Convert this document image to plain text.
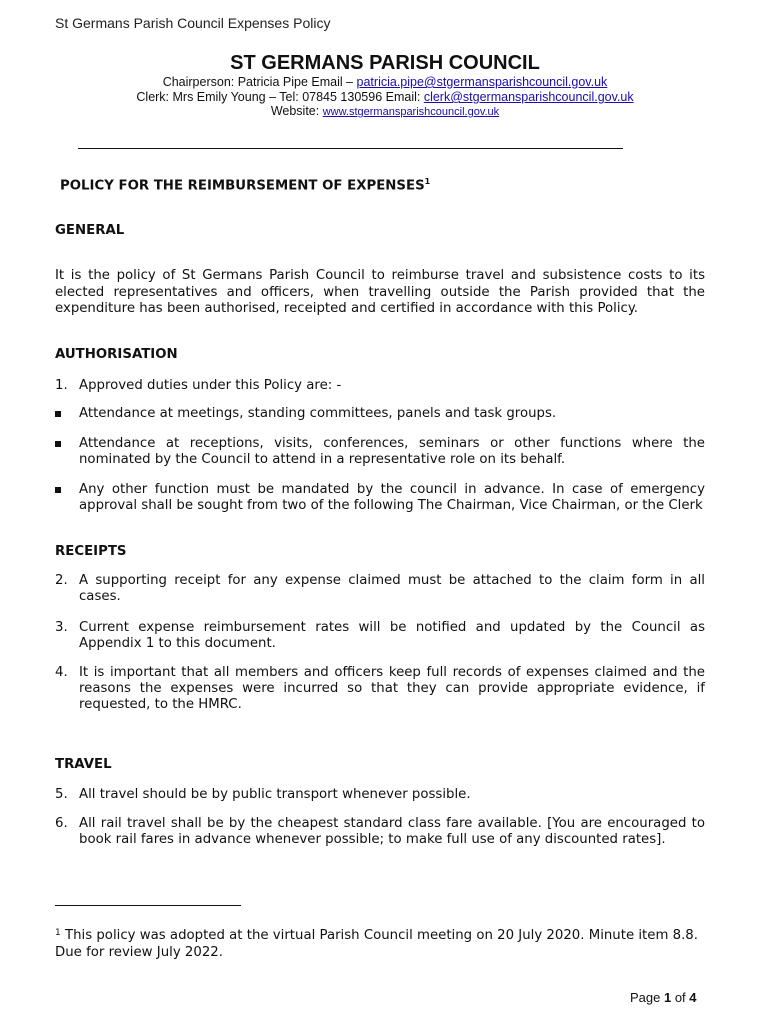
St Germans Parish Council Expenses Policy
ST GERMANS PARISH COUNCIL
Chairperson: Patricia Pipe Email – patricia.pipe@stgermansparishcouncil.gov.uk
Clerk: Mrs Emily Young – Tel: 07845 130596 Email: clerk@stgermansparishcouncil.gov.uk
Website: www.stgermansparishcouncil.gov.uk
POLICY FOR THE REIMBURSEMENT OF EXPENSES$^1$
GENERAL
It is the policy of St Germans Parish Council to reimburse travel and subsistence costs to its elected representatives and officers, when travelling outside the Parish provided that the expenditure has been authorised, receipted and certified in accordance with this Policy.
AUTHORISATION
1. Approved duties under this Policy are: -
Attendance at meetings, standing committees, panels and task groups.
Attendance at receptions, visits, conferences, seminars or other functions where the nominated by the Council to attend in a representative role on its behalf.
Any other function must be mandated by the council in advance. In case of emergency approval shall be sought from two of the following The Chairman, Vice Chairman, or the Clerk
RECEIPTS
2. A supporting receipt for any expense claimed must be attached to the claim form in all cases.
3. Current expense reimbursement rates will be notified and updated by the Council as Appendix 1 to this document.
4. It is important that all members and officers keep full records of expenses claimed and the reasons the expenses were incurred so that they can provide appropriate evidence, if requested, to the HMRC.
TRAVEL
5. All travel should be by public transport whenever possible.
6. All rail travel shall be by the cheapest standard class fare available. [You are encouraged to book rail fares in advance whenever possible; to make full use of any discounted rates].
$^1$ This policy was adopted at the virtual Parish Council meeting on 20 July 2020. Minute item 8.8. Due for review July 2022.
Page 1 of 4
